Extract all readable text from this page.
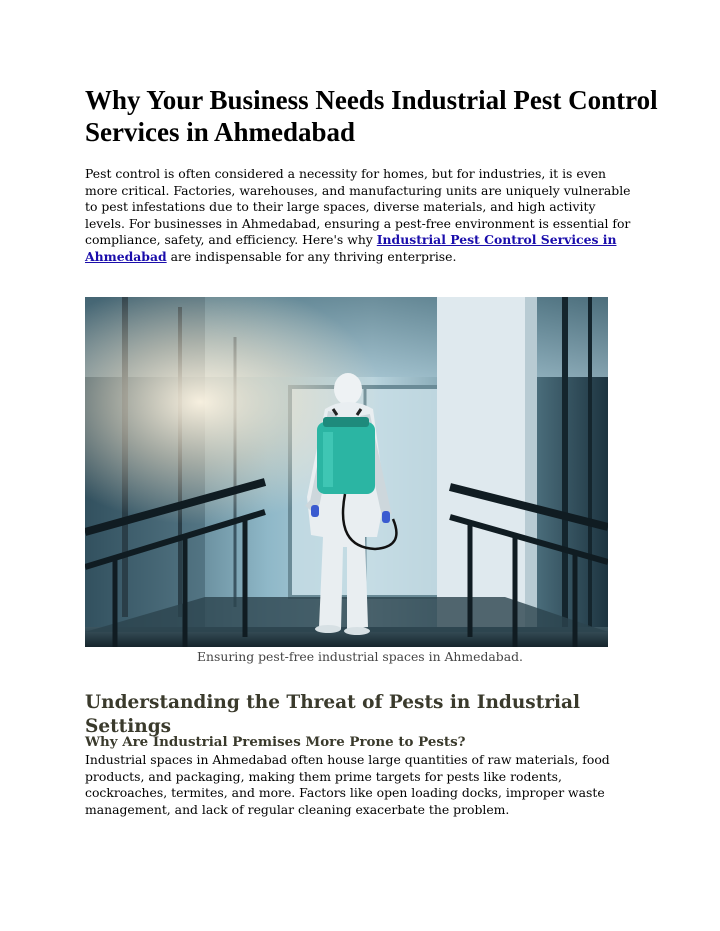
Why Your Business Needs Industrial Pest Control Services in Ahmedabad

Pest control is often considered a necessity for homes, but for industries, it is even more critical. Factories, warehouses, and manufacturing units are uniquely vulnerable to pest infestations due to their large spaces, diverse materials, and high activity levels. For businesses in Ahmedabad, ensuring a pest-free environment is essential for compliance, safety, and efficiency. Here's why Industrial Pest Control Services in Ahmedabad are indispensable for any thriving enterprise.

Ensuring pest-free industrial spaces in Ahmedabad.

Understanding the Threat of Pests in Industrial Settings
Why Are Industrial Premises More Prone to Pests?

Industrial spaces in Ahmedabad often house large quantities of raw materials, food products, and packaging, making them prime targets for pests like rodents, cockroaches, termites, and more. Factors like open loading docks, improper waste management, and lack of regular cleaning exacerbate the problem.
